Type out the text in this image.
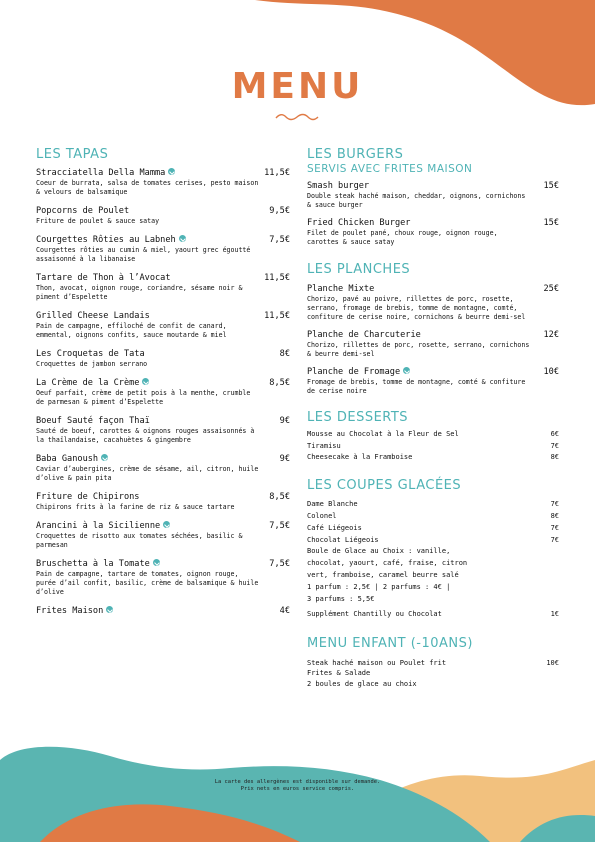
MENU
LES TAPAS
Stracciatella Della Mamma	11,5€
Coeur de burrata, salsa de tomates cerises, pesto maison & velours de balsamique
Popcorns de Poulet	9,5€
Friture de poulet & sauce satay
Courgettes Rôties au Labneh	7,5€
Courgettes rôties au cumin & miel, yaourt grec égoutté assaisonné à la libanaise
Tartare de Thon à l’Avocat	11,5€
Thon, avocat, oignon rouge, coriandre, sésame noir & piment d’Espelette
Grilled Cheese Landais	11,5€
Pain de campagne, effiloché de confit de canard, emmental, oignons confits, sauce moutarde & miel
Les Croquetas de Tata	8€
Croquettes de jambon serrano
La Crème de la Crème	8,5€
Oeuf parfait, crème de petit pois à la menthe, crumble de parmesan & piment d’Espelette
Boeuf Sauté façon Thaï	9€
Sauté de boeuf, carottes & oignons rouges assaisonnés à la thaïlandaise, cacahuètes & gingembre
Baba Ganoush	9€
Caviar d’aubergines, crème de sésame, ail, citron, huile d’olive & pain pita
Friture de Chipirons	8,5€
Chipirons frits à la farine de riz & sauce tartare
Arancini à la Sicilienne	7,5€
Croquettes de risotto aux tomates séchées, basilic & parmesan
Bruschetta à la Tomate	7,5€
Pain de campagne, tartare de tomates, oignon rouge, purée d’ail confit, basilic, crème de balsamique & huile d’olive
Frites Maison	4€
LES BURGERS
SERVIS AVEC FRITES MAISON
Smash burger	15€
Double steak haché maison, cheddar, oignons, cornichons & sauce burger
Fried Chicken Burger	15€
Filet de poulet pané, choux rouge, oignon rouge, carottes & sauce satay
LES PLANCHES
Planche Mixte	25€
Chorizo, pavé au poivre, rillettes de porc, rosette, serrano, fromage de brebis, tomme de montagne, comté, confiture de cerise noire, cornichons & beurre demi-sel
Planche de Charcuterie	12€
Chorizo, rillettes de porc, rosette, serrano, cornichons & beurre demi-sel
Planche de Fromage	10€
Fromage de brebis, tomme de montagne, comté & confiture de cerise noire
LES DESSERTS
Mousse au Chocolat à la Fleur de Sel	6€
Tiramisu	7€
Cheesecake à la Framboise	8€
LES COUPES GLACÉES
Dame Blanche	7€
Colonel	8€
Café Liégeois	7€
Chocolat Liégeois	7€
Boule de Glace au Choix : vanille, chocolat, yaourt, café, fraise, citron vert, framboise, caramel beurre salé
1 parfum : 2,5€ | 2 parfums : 4€ |
3 parfums : 5,5€
Supplément Chantilly ou Chocolat	1€
MENU ENFANT (-10ANS)
Steak haché maison ou Poulet frit	10€
Frites & Salade
2 boules de glace au choix
La carte des allergènes est disponible sur demande.
Prix nets en euros service compris.
